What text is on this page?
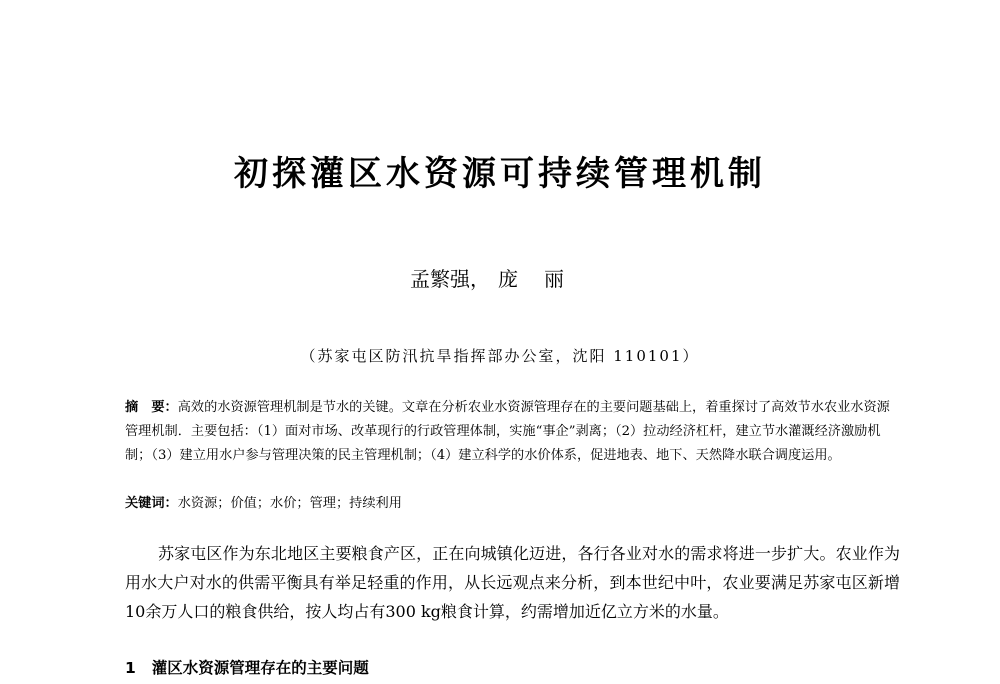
初探灌区水资源可持续管理机制
孟繁强， 庞丽
（苏家屯区防汛抗旱指挥部办公室，沈阳 110101）
摘　要：高效的水资源管理机制是节水的关键。文章在分析农业水资源管理存在的主要问题基础上，着重探讨了高效节水农业水资源管理机制．主要包括：（1）面对市场、改革现行的行政管理体制，实施“事企”剥离；（2）拉动经济杠杆，建立节水灌溉经济激励机制；（3）建立用水户参与管理决策的民主管理机制；（4）建立科学的水价体系，促进地表、地下、天然降水联合调度运用。
关键词：水资源；价值；水价；管理；持续利用
苏家屯区作为东北地区主要粮食产区，正在向城镇化迈进，各行各业对水的需求将进一步扩大。农业作为用水大户对水的供需平衡具有举足轻重的作用，从长远观点来分析，到本世纪中叶，农业要满足苏家屯区新增10余万人口的粮食供给，按人均占有300 kg粮食计算，约需增加近亿立方米的水量。
1 灌区水资源管理存在的主要问题
